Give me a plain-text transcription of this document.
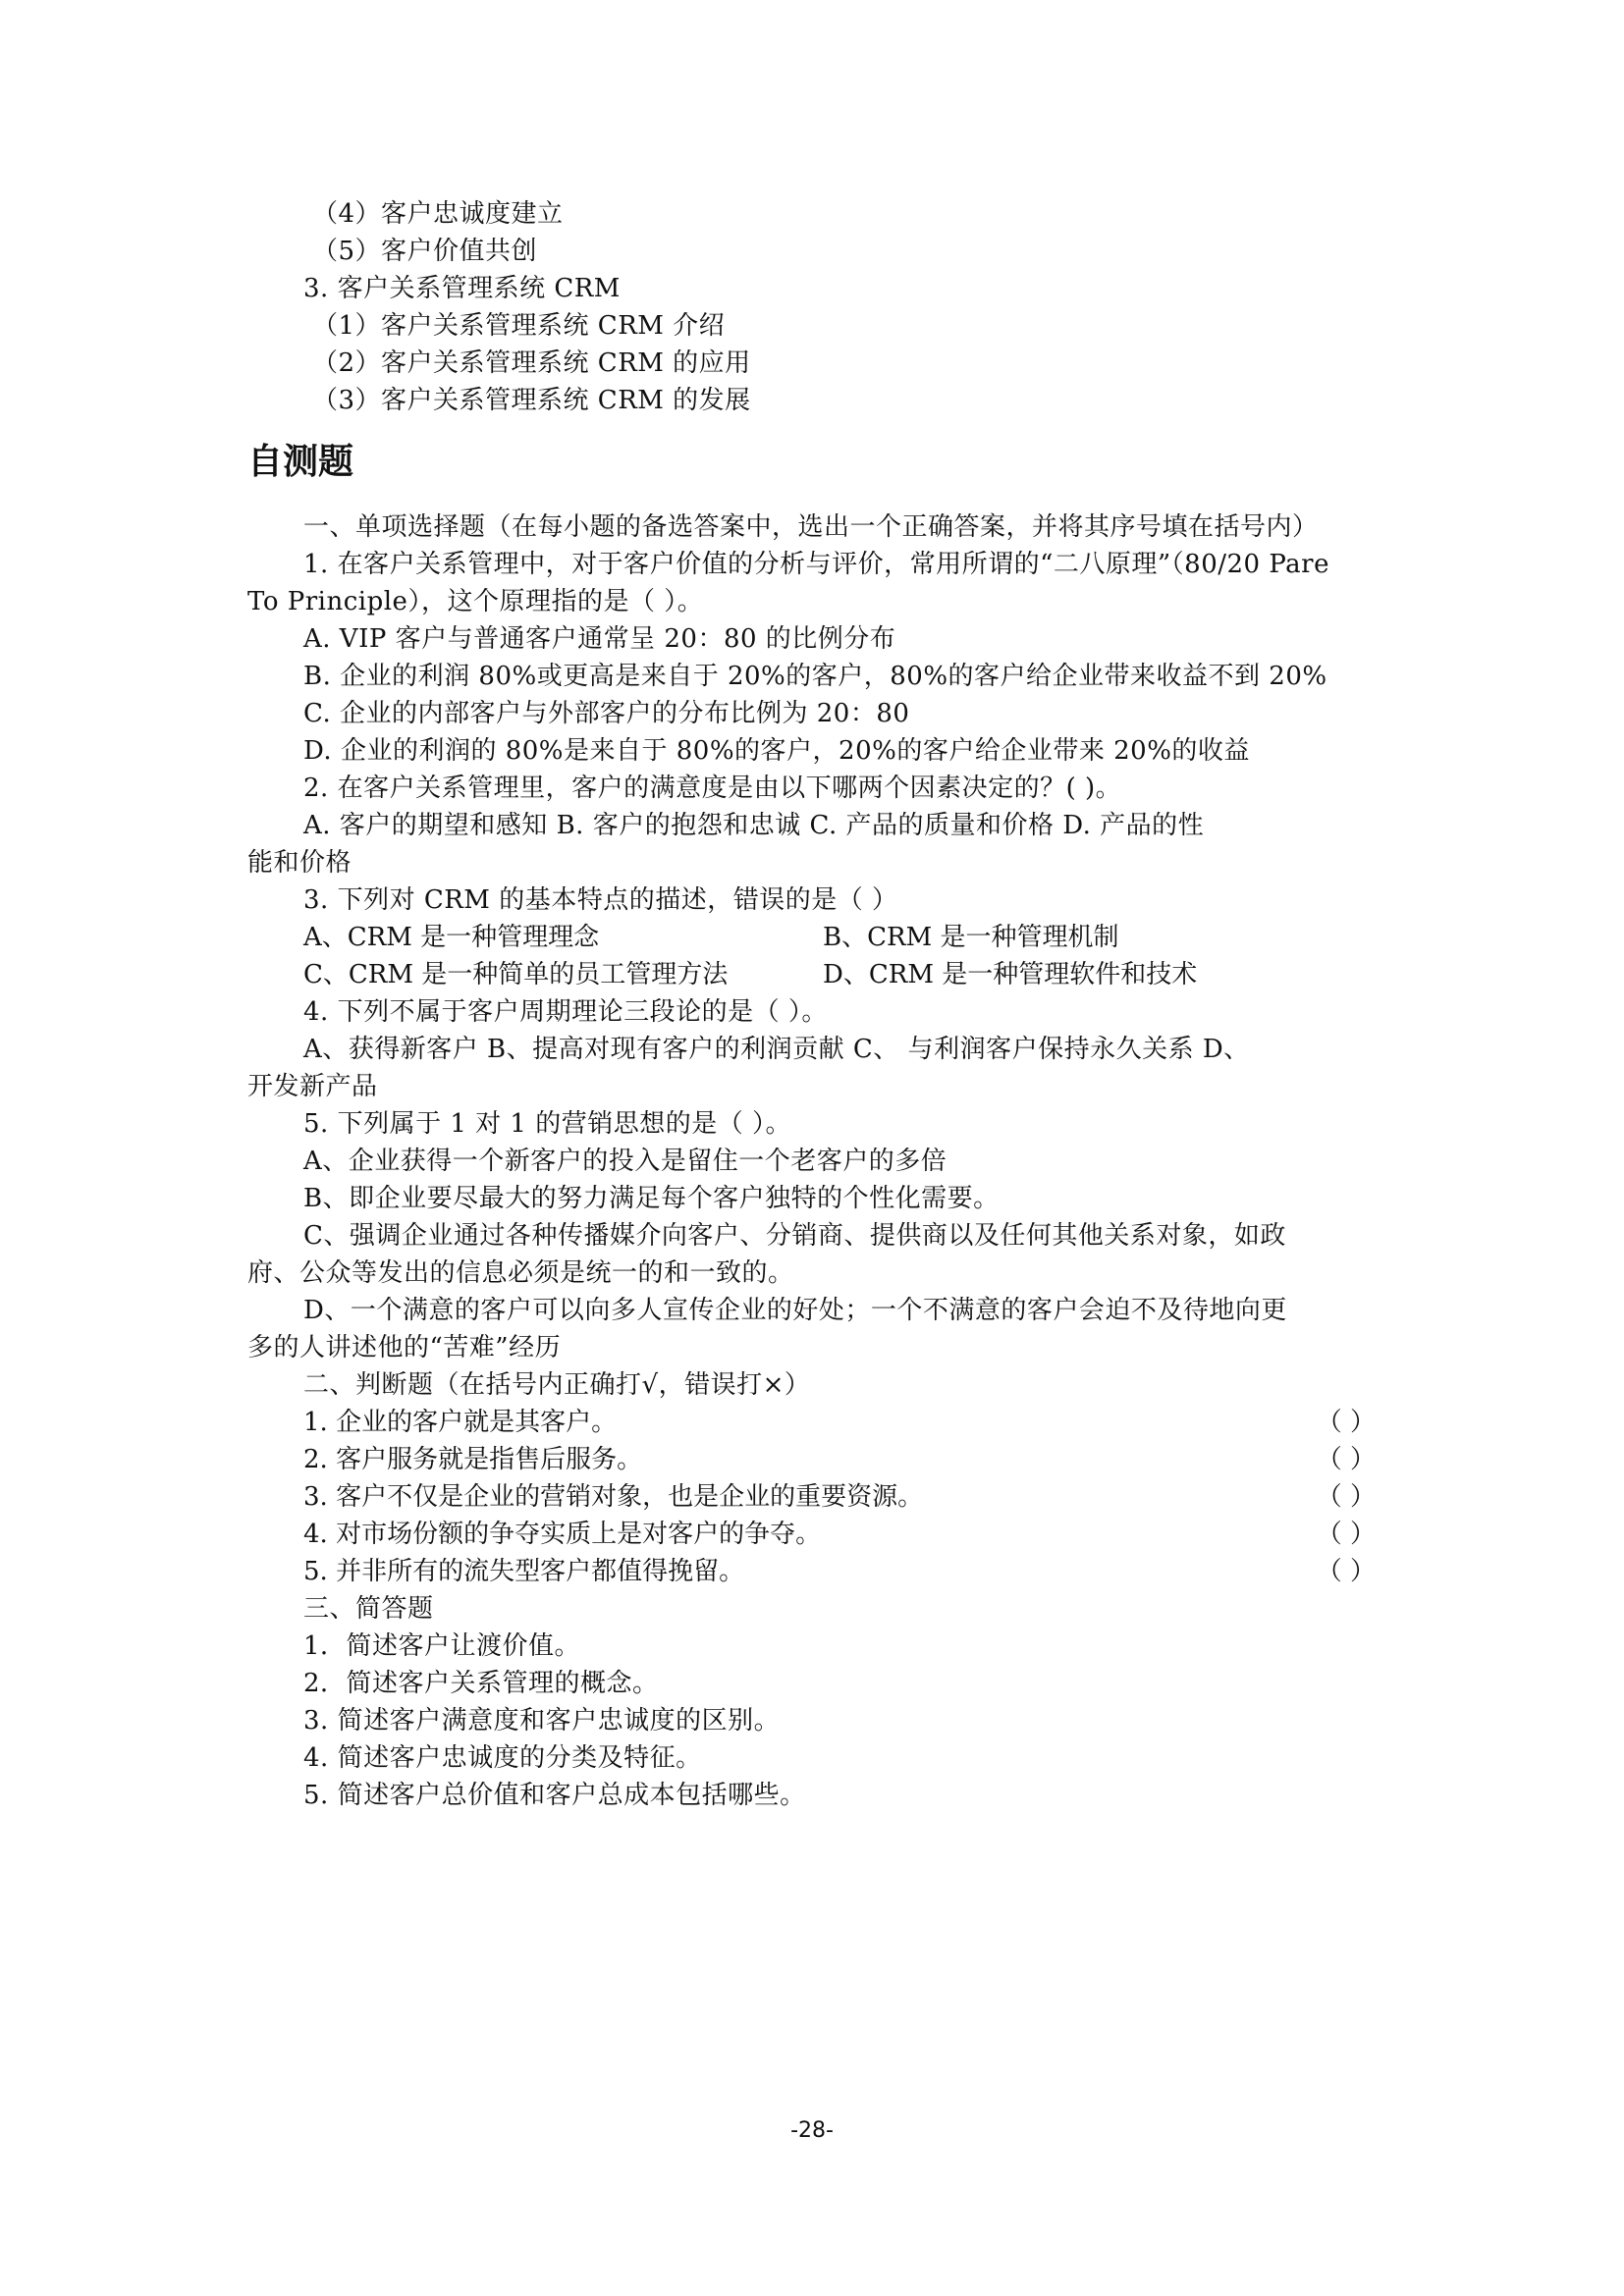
（4）客户忠诚度建立
（5）客户价值共创
3. 客户关系管理系统 CRM
（1）客户关系管理系统 CRM 介绍
（2）客户关系管理系统 CRM 的应用
（3）客户关系管理系统 CRM 的发展
自测题
一、单项选择题（在每小题的备选答案中，选出一个正确答案，并将其序号填在括号内）
1. 在客户关系管理中，对于客户价值的分析与评价，常用所谓的“二八原理”（80/20 Pare
To Principle），这个原理指的是（ ）。
A. VIP 客户与普通客户通常呈 20：80 的比例分布
B. 企业的利润 80%或更高是来自于 20%的客户，80%的客户给企业带来收益不到 20%
C. 企业的内部客户与外部客户的分布比例为 20：80
D. 企业的利润的 80%是来自于 80%的客户，20%的客户给企业带来 20%的收益
2. 在客户关系管理里，客户的满意度是由以下哪两个因素决定的？( )。
A. 客户的期望和感知 B. 客户的抱怨和忠诚 C. 产品的质量和价格 D. 产品的性
能和价格
3. 下列对 CRM 的基本特点的描述，错误的是（ ）
A、CRM 是一种管理理念	B、CRM 是一种管理机制
C、CRM 是一种简单的员工管理方法	D、CRM 是一种管理软件和技术
4. 下列不属于客户周期理论三段论的是（ ）。
A、获得新客户 B、提高对现有客户的利润贡献 C、 与利润客户保持永久关系 D、
开发新产品
5. 下列属于 1 对 1 的营销思想的是（ ）。
A、企业获得一个新客户的投入是留住一个老客户的多倍
B、即企业要尽最大的努力满足每个客户独特的个性化需要。
C、强调企业通过各种传播媒介向客户、分销商、提供商以及任何其他关系对象，如政
府、公众等发出的信息必须是统一的和一致的。
D、一个满意的客户可以向多人宣传企业的好处；一个不满意的客户会迫不及待地向更
多的人讲述他的“苦难”经历
二、判断题（在括号内正确打√，错误打×）
1. 企业的客户就是其客户。	（ ）
2. 客户服务就是指售后服务。	（ ）
3. 客户不仅是企业的营销对象，也是企业的重要资源。	（ ）
4. 对市场份额的争夺实质上是对客户的争夺。	（ ）
5. 并非所有的流失型客户都值得挽留。	（ ）
三、简答题
1．简述客户让渡价值。
2．简述客户关系管理的概念。
3. 简述客户满意度和客户忠诚度的区别。
4. 简述客户忠诚度的分类及特征。
5. 简述客户总价值和客户总成本包括哪些。
-28-
